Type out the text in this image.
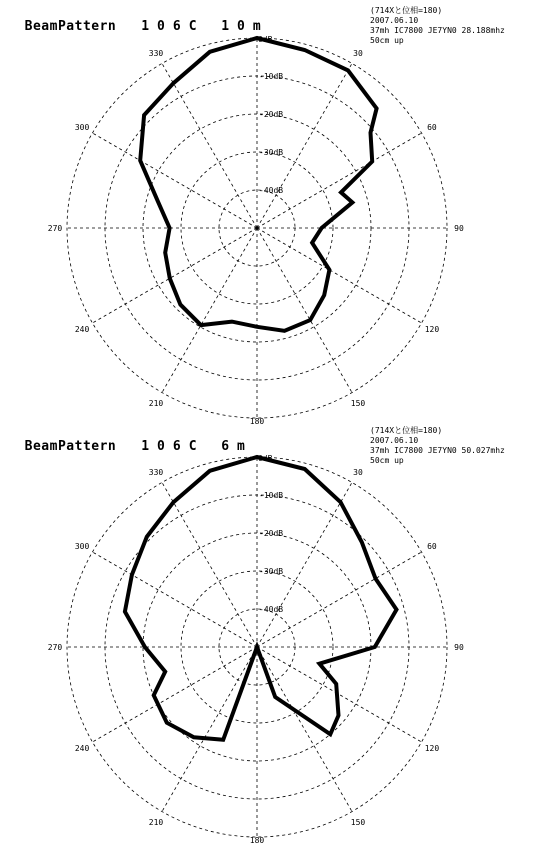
BeamPattern 106C 10m

(714Xと位相=180)
2007.06.10
37mh IC7800 JE7YN0 28.188mhz
50cm up
0dB
30
60
90
120
150
180
210
240
270
300
330
-10dB
-20dB
-30dB
-40dB

BeamPattern 106C 6m

(714Xと位相=180)
2007.06.10
37mh IC7800 JE7YN0 50.027mhz
50cm up
0dB
30
60
90
120
150
180
210
240
270
300
330
-10dB
-20dB
-30dB
-40dB
